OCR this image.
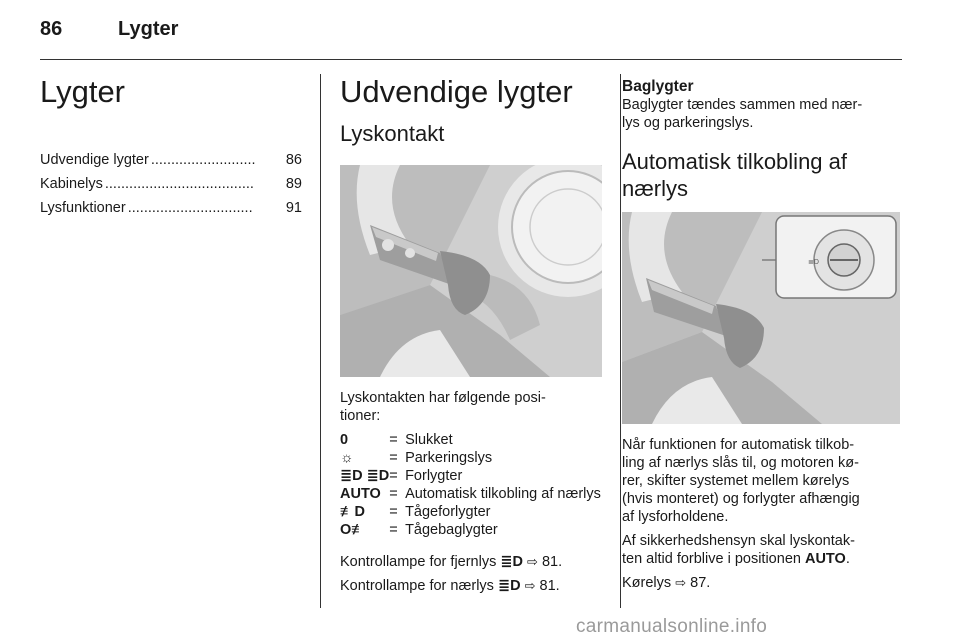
86	Lygter
Lygter
Udvendige lygter ..........................	86
Kabinelys .....................................	89
Lysfunktioner ...............................	91
Udvendige lygter
Lyskontakt

Lyskontakten har følgende posi-
tioner:

0	=	Slukket
☼	=	Parkeringslys
≣D ≣D	=	Forlygter
AUTO	=	Automatisk tilkobling af nærlys
≢D	=	Tågeforlygter
O≢	=	Tågebaglygter

Kontrollampe for fjernlys ≣D ⇨ 81.

Kontrollampe for nærlys ≣D ⇨ 81.

Baglygter

Baglygter tændes sammen med nær-
lys og parkeringslys.

Automatisk tilkobling af nærlys
≣D

Når funktionen for automatisk tilkob-
ling af nærlys slås til, og motoren kø-
rer, skifter systemet mellem kørelys
(hvis monteret) og forlygter afhængig
af lysforholdene.

Af sikkerhedshensyn skal lyskontak-
ten altid forblive i positionen AUTO.

Kørelys ⇨ 87.

carmanualsonline.info
